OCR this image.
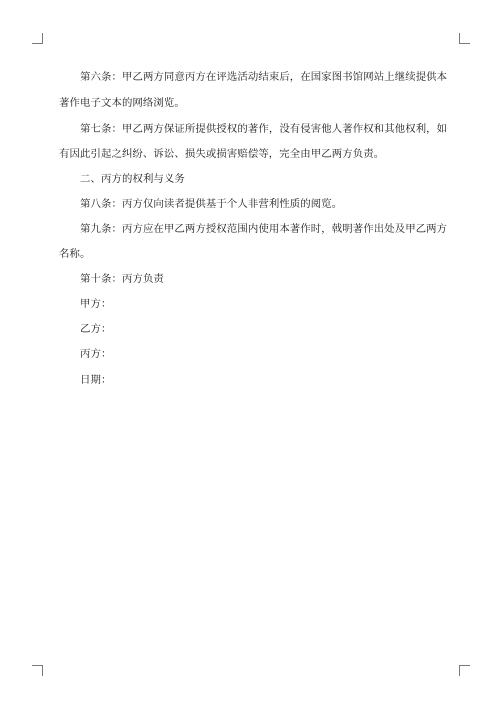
第六条：甲乙两方同意丙方在评选活动结束后，在国家图书馆网站上继续提供本
著作电子文本的网络浏览。
第七条：甲乙两方保证所提供授权的著作，没有侵害他人著作权和其他权利，如
有因此引起之纠纷、诉讼、损失或损害赔偿等，完全由甲乙两方负责。
二、丙方的权利与义务
第八条：丙方仅向读者提供基于个人非营利性质的阅览。
第九条：丙方应在甲乙两方授权范围内使用本著作时，戟明著作出处及甲乙两方
名称。
第十条：丙方负责
甲方：
乙方：
丙方：
日期：
